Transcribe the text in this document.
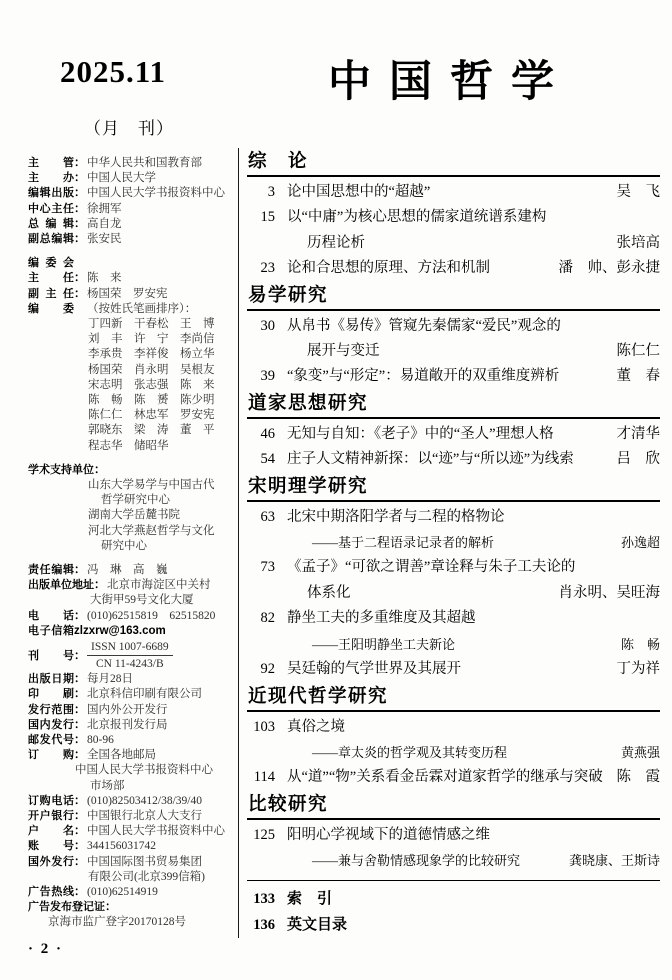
2025.11
（月　刊）
中国哲学
主管： 中华人民共和国教育部
主办： 中国人民大学
编辑出版： 中国人民大学书报资料中心
中心主任： 徐拥军
总编辑： 高自龙
副总编辑： 张安民
编委会
主任： 陈　来
副主任： 杨国荣　罗安宪
编委 （按姓氏笔画排序）：
丁四新　干春松　王　博
刘　丰　许　宁　李尚信
李承贵　李祥俊　杨立华
杨国荣　肖永明　吴根友
宋志明　张志强　陈　来
陈　畅　陈　赟　陈少明
陈仁仁　林忠军　罗安宪
郭晓东　梁　涛　董　平
程志华　储昭华
学术支持单位：
山东大学易学与中国古代
哲学研究中心
湖南大学岳麓书院
河北大学燕赵哲学与文化
研究中心
责任编辑： 冯　琳　高　巍
出版单位地址： 北京市海淀区中关村
大街甲59号文化大厦
电话： (010)62515819　62515820
电子信箱zlzxrw@163.com
刊号 ： $\frac{\text{ISSN 1007-6689}}{CN 11-4243/B}$
出版日期： 每月28日
印刷： 北京科信印刷有限公司
发行范围： 国内外公开发行
国内发行： 北京报刊发行局
邮发代号： 80-96
订购： 全国各地邮局
中国人民大学书报资料中心
市场部
订购电话： (010)82503412/38/39/40
开户银行： 中国银行北京人大支行
户名： 中国人民大学书报资料中心
账号： 344156031742
国外发行： 中国国际图书贸易集团
有限公司(北京399信箱)
广告热线： (010)62514919
广告发布登记证：
京海市监广登字20170128号
综　论
3 论中国思想中的“超越”	吴　飞
15 以“中庸”为核心思想的儒家道统谱系建构
历程论析	张培高
23 论和合思想的原理、方法和机制	潘　帅、彭永捷
易学研究
30 从帛书《易传》管窥先秦儒家“爱民”观念的
展开与变迁	陈仁仁
39 “象变”与“形定”：易道敞开的双重维度辨析	董　春
道家思想研究
46 无知与自知：《老子》中的“圣人”理想人格	才清华
54 庄子人文精神新探：以“迹”与“所以迹”为线索	吕　欣
宋明理学研究
63 北宋中期洛阳学者与二程的格物论
——基于二程语录记录者的解析	孙逸超
73 《孟子》“可欲之谓善”章诠释与朱子工夫论的
体系化	肖永明、吴旺海
82 静坐工夫的多重维度及其超越
——王阳明静坐工夫新论	陈　畅
92 吴廷翰的气学世界及其展开	丁为祥
近现代哲学研究
103 真俗之境
——章太炎的哲学观及其转变历程	黄燕强
114 从“道”“物”关系看金岳霖对道家哲学的继承与突破 陈　霞
比较研究
125 阳明心学视域下的道德情感之维
——兼与舍勒情感现象学的比较研究	龚晓康、王斯诗
133 索　引
136 英文目录
· 2 ·
